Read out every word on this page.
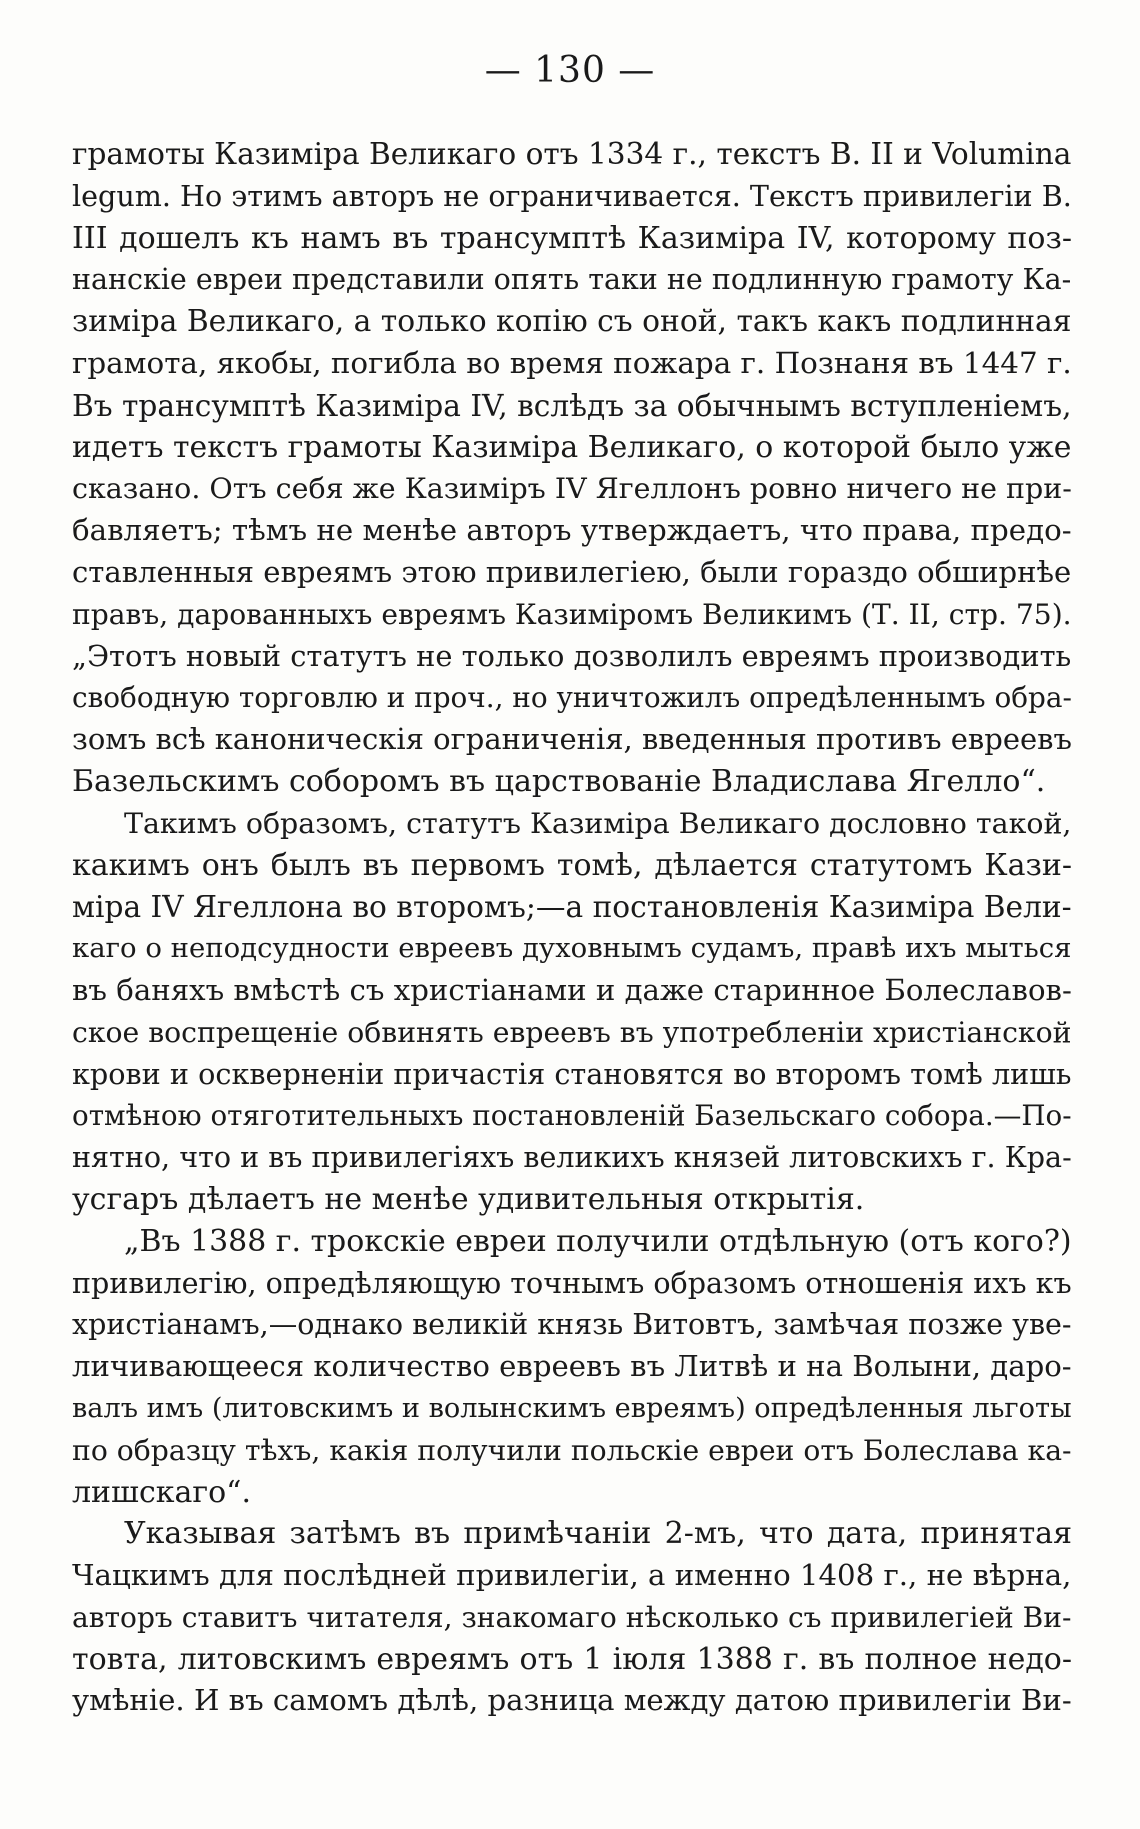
— 130 —
грамоты Казиміра Великаго отъ 1334 г., текстъ В. II и Volumina
legum. Но этимъ авторъ не ограничивается. Текстъ привилегіи В.
III дошелъ къ намъ въ трансумптѣ Казиміра IV, которому поз-
нанскіе евреи представили опять таки не подлинную грамоту Ка-
зиміра Великаго, а только копію съ оной, такъ какъ подлинная
грамота, якобы, погибла во время пожара г. Познаня въ 1447 г.
Въ трансумптѣ Казиміра IV, вслѣдъ за обычнымъ вступленіемъ,
идетъ текстъ грамоты Казиміра Великаго, о которой было уже
сказано. Отъ себя же Казиміръ IV Ягеллонъ ровно ничего не при-
бавляетъ; тѣмъ не менѣе авторъ утверждаетъ, что права, предо-
ставленныя евреямъ этою привилегіею, были гораздо обширнѣе
правъ, дарованныхъ евреямъ Казиміромъ Великимъ (Т. II, стр. 75).
„Этотъ новый статутъ не только дозволилъ евреямъ производить
свободную торговлю и проч., но уничтожилъ опредѣленнымъ обра-
зомъ всѣ каноническія ограниченія, введенныя противъ евреевъ
Базельскимъ соборомъ въ царствованіе Владислава Ягелло“.
Такимъ образомъ, статутъ Казиміра Великаго дословно такой,
какимъ онъ былъ въ первомъ томѣ, дѣлается статутомъ Кази-
міра IV Ягеллона во второмъ;—а постановленія Казиміра Вели-
каго о неподсудности евреевъ духовнымъ судамъ, правѣ ихъ мыться
въ баняхъ вмѣстѣ съ христіанами и даже старинное Болеславов-
ское воспрещеніе обвинять евреевъ въ употребленіи христіанской
крови и оскверненіи причастія становятся во второмъ томѣ лишь
отмѣною отяготительныхъ постановленій Базельскаго собора.—По-
нятно, что и въ привилегіяхъ великихъ князей литовскихъ г. Кра-
усгаръ дѣлаетъ не менѣе удивительныя открытія.
„Въ 1388 г. трокскіе евреи получили отдѣльную (отъ кого?)
привилегію, опредѣляющую точнымъ образомъ отношенія ихъ къ
христіанамъ,—однако великій князь Витовтъ, замѣчая позже уве-
личивающееся количество евреевъ въ Литвѣ и на Волыни, даро-
валъ имъ (литовскимъ и волынскимъ евреямъ) опредѣленныя льготы
по образцу тѣхъ, какія получили польскіе евреи отъ Болеслава ка-
лишскаго“.
Указывая затѣмъ въ примѣчаніи 2-мъ, что дата, принятая
Чацкимъ для послѣдней привилегіи, а именно 1408 г., не вѣрна,
авторъ ставитъ читателя, знакомаго нѣсколько съ привилегіей Ви-
товта, литовскимъ евреямъ отъ 1 іюля 1388 г. въ полное недо-
умѣніе. И въ самомъ дѣлѣ, разница между датою привилегіи Ви-
